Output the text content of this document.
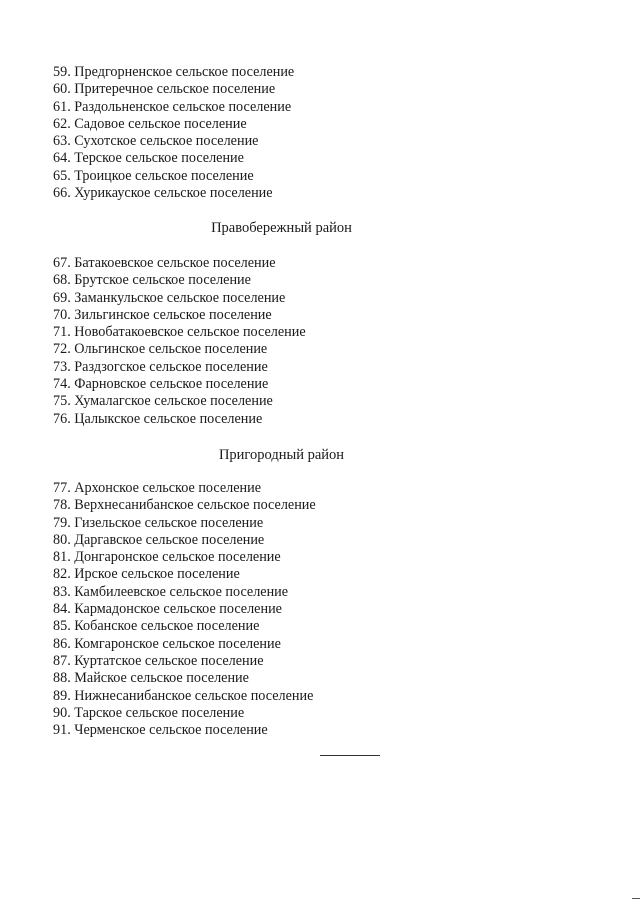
59. Предгорненское сельское поселение
60. Притеречное сельское поселение
61. Раздольненское сельское поселение
62. Садовое сельское поселение
63. Сухотское сельское поселение
64. Терское сельское поселение
65. Троицкое сельское поселение
66. Хурикауское сельское поселение
Правобережный район
67. Батакоевское сельское поселение
68. Брутское сельское поселение
69. Заманкульское сельское поселение
70. Зильгинское сельское поселение
71. Новобатакоевское сельское поселение
72. Ольгинское сельское поселение
73. Раздзогское сельское поселение
74. Фарновское сельское поселение
75. Хумалагское сельское поселение
76. Цалыкское сельское поселение
Пригородный район
77. Архонское сельское поселение
78. Верхнесанибанское сельское поселение
79. Гизельское сельское поселение
80. Даргавское сельское поселение
81. Донгаронское сельское поселение
82. Ирское сельское поселение
83. Камбилеевское сельское поселение
84. Кармадонское сельское поселение
85. Кобанское сельское поселение
86. Комгаронское сельское поселение
87. Куртатское сельское поселение
88. Майское сельское поселение
89. Нижнесанибанское сельское поселение
90. Тарское сельское поселение
91. Черменское сельское поселение
